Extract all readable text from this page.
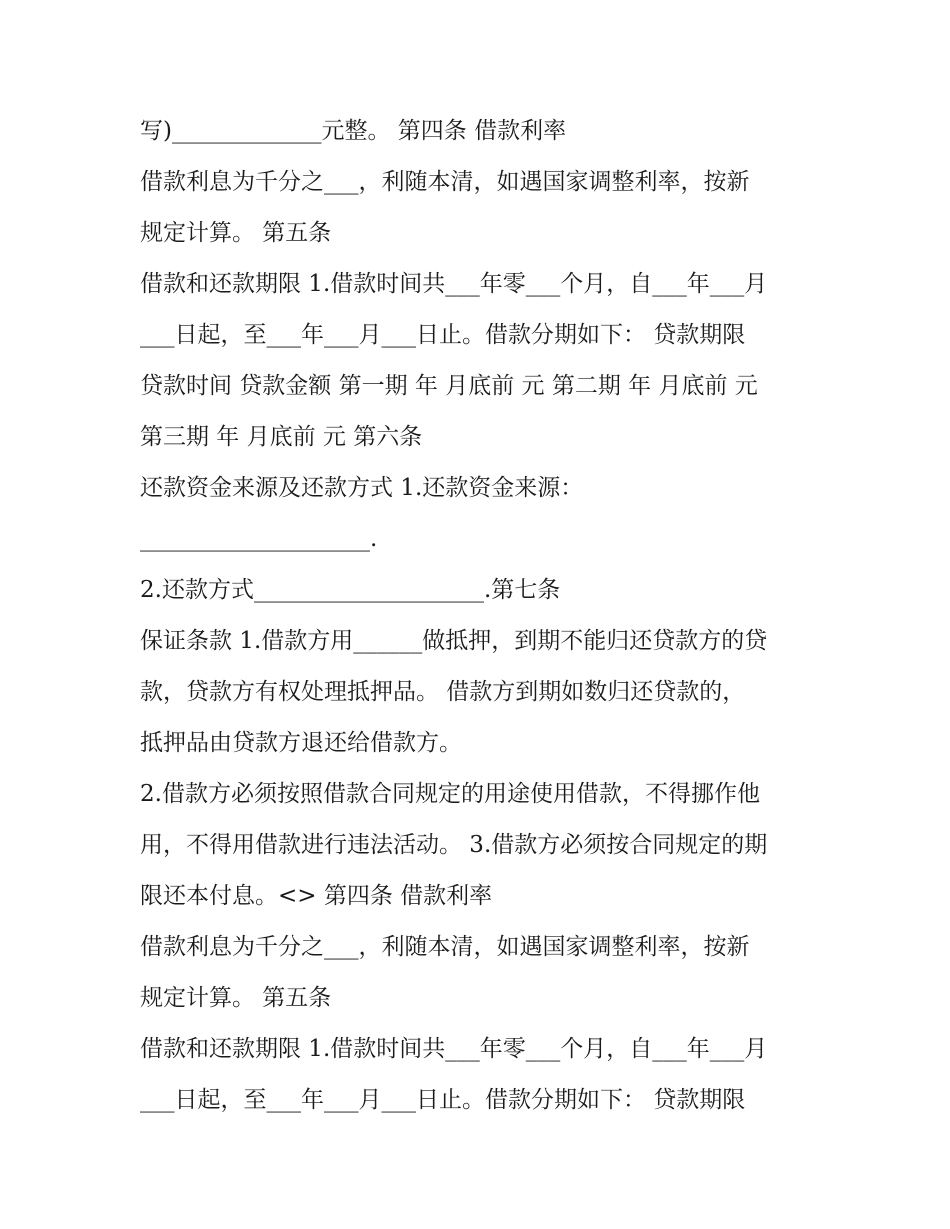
写)_____________元整。 第四条 借款利率
借款利息为千分之___，利随本清，如遇国家调整利率，按新
规定计算。 第五条
借款和还款期限 1.借款时间共___年零___个月，自___年___月
___日起，至___年___月___日止。借款分期如下： 贷款期限
贷款时间 贷款金额 第一期 年 月底前 元 第二期 年 月底前 元
第三期 年 月底前 元 第六条
还款资金来源及还款方式 1.还款资金来源：
____________________.
2.还款方式____________________.第七条
保证条款 1.借款方用______做抵押，到期不能归还贷款方的贷
款，贷款方有权处理抵押品。 借款方到期如数归还贷款的，
抵押品由贷款方退还给借款方。
2.借款方必须按照借款合同规定的用途使用借款，不得挪作他
用，不得用借款进行违法活动。 3.借款方必须按合同规定的期
限还本付息。<> 第四条 借款利率
借款利息为千分之___，利随本清，如遇国家调整利率，按新
规定计算。 第五条
借款和还款期限 1.借款时间共___年零___个月，自___年___月
___日起，至___年___月___日止。借款分期如下： 贷款期限
